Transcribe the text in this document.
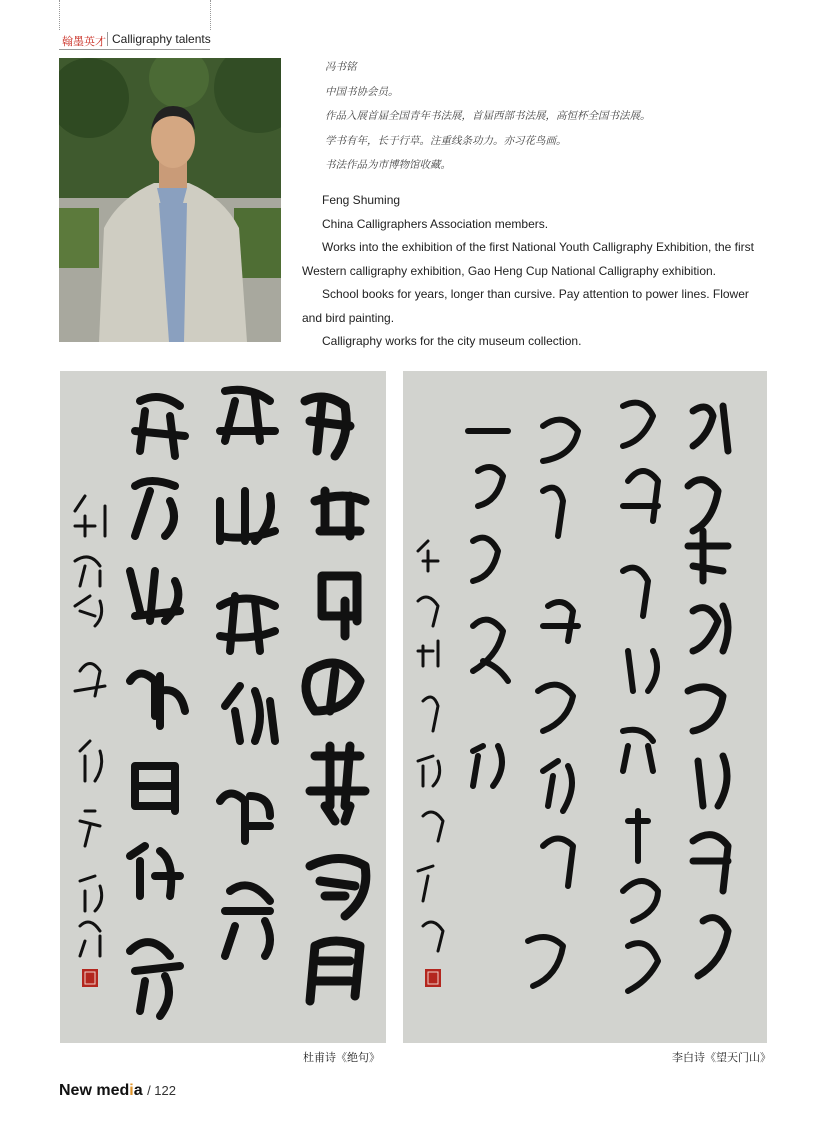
翰墨英才 Calligraphy talents
冯书铭
中国书协会员。
作品入展首届全国青年书法展，首届西部书法展，高恒杯全国书法展。
学书有年，长于行草。注重线条功力。亦习花鸟画。
书法作品为市博物馆收藏。

Feng Shuming

China Calligraphers Association members.

Works into the exhibition of the first National Youth Calligraphy Exhibition, the first Western calligraphy exhibition, Gao Heng Cup National Calligraphy exhibition.

School books for years, longer than cursive. Pay attention to power lines. Flower and bird painting.

Calligraphy works for the city museum collection.

杜甫诗《绝句》	李白诗《望天门山》
New media / 122
